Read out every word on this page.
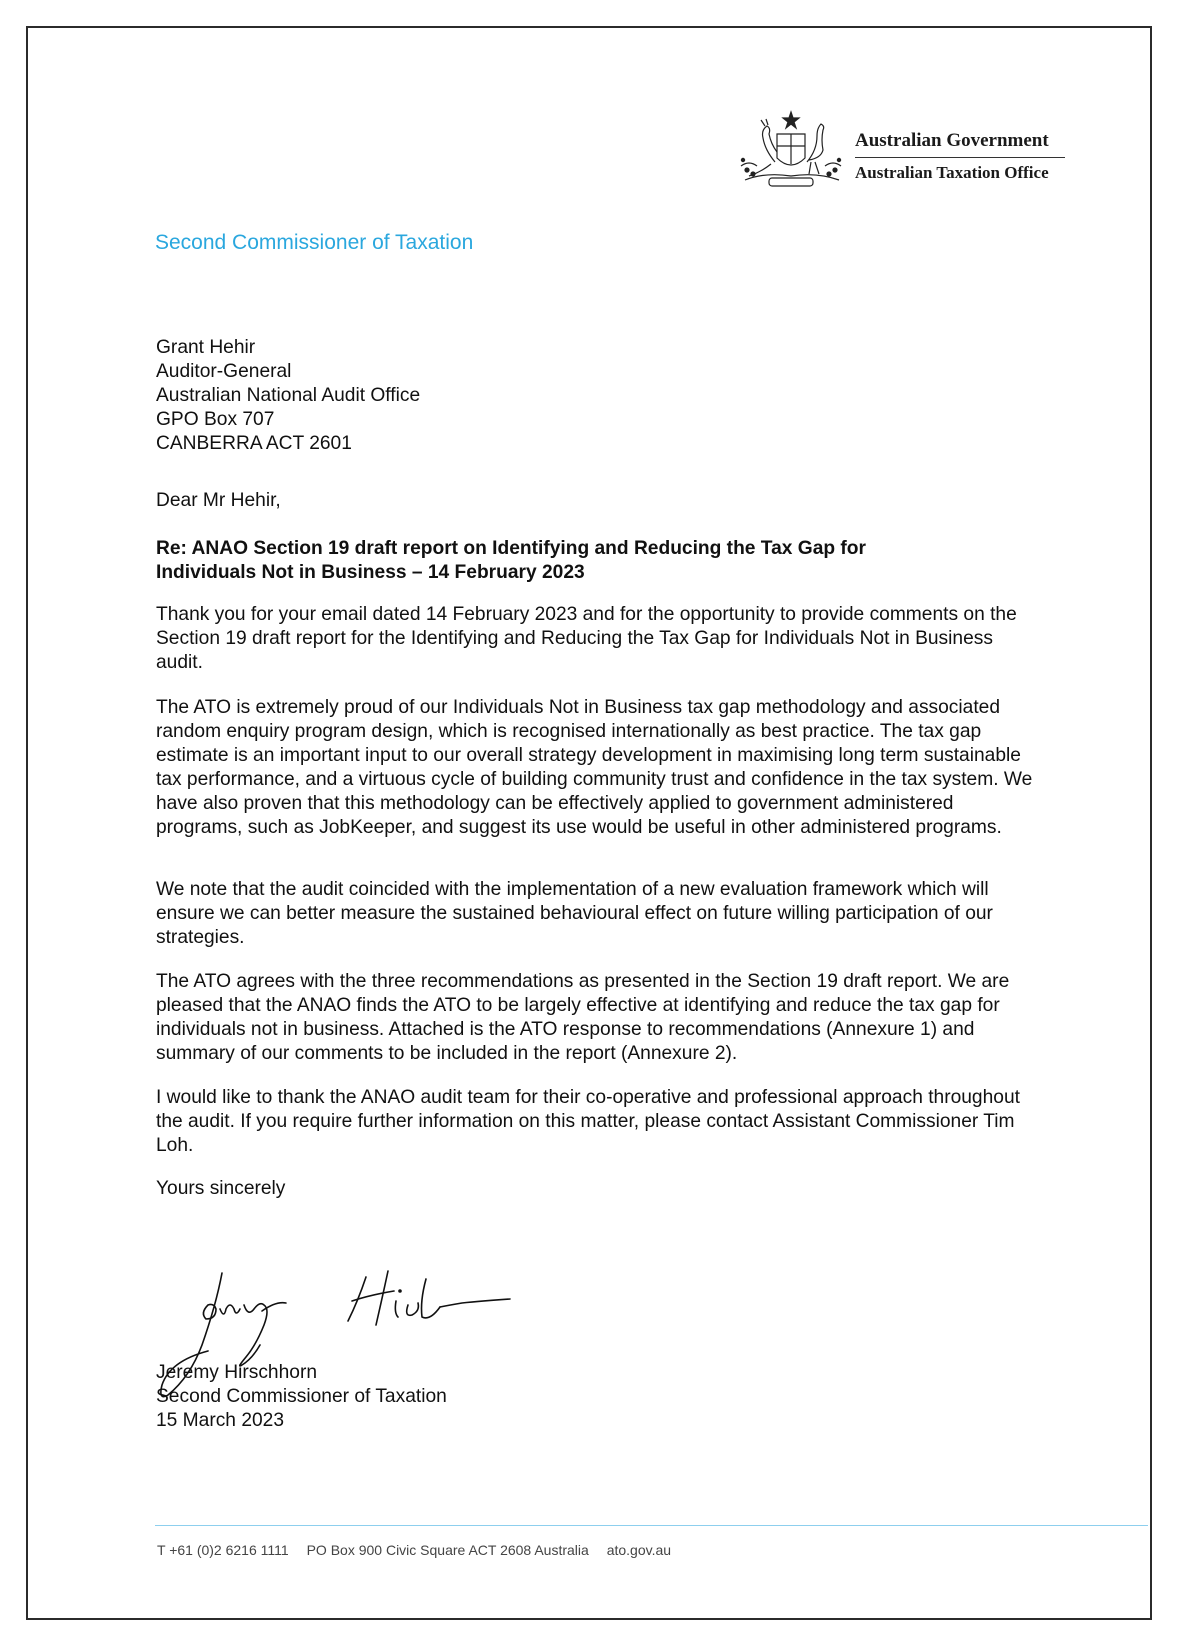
Australian Government
Australian Taxation Office
Second Commissioner of Taxation
Grant Hehir
Auditor-General
Australian National Audit Office
GPO Box 707
CANBERRA ACT 2601
Dear Mr Hehir,
Re: ANAO Section 19 draft report on Identifying and Reducing the Tax Gap for
Individuals Not in Business – 14 February 2023
Thank you for your email dated 14 February 2023 and for the opportunity to provide comments on the Section 19 draft report for the Identifying and Reducing the Tax Gap for Individuals Not in Business audit.
The ATO is extremely proud of our Individuals Not in Business tax gap methodology and associated random enquiry program design, which is recognised internationally as best practice. The tax gap estimate is an important input to our overall strategy development in maximising long term sustainable tax performance, and a virtuous cycle of building community trust and confidence in the tax system. We have also proven that this methodology can be effectively applied to government administered programs, such as JobKeeper, and suggest its use would be useful in other administered programs.
We note that the audit coincided with the implementation of a new evaluation framework which will ensure we can better measure the sustained behavioural effect on future willing participation of our strategies.
The ATO agrees with the three recommendations as presented in the Section 19 draft report. We are pleased that the ANAO finds the ATO to be largely effective at identifying and reduce the tax gap for individuals not in business. Attached is the ATO response to recommendations (Annexure 1) and summary of our comments to be included in the report (Annexure 2).
I would like to thank the ANAO audit team for their co-operative and professional approach throughout the audit. If you require further information on this matter, please contact Assistant Commissioner Tim Loh.
Yours sincerely
Jeremy Hirschhorn
Second Commissioner of Taxation
15 March 2023
T +61 (0)2 6216 1111 PO Box 900 Civic Square ACT 2608 Australia ato.gov.au
